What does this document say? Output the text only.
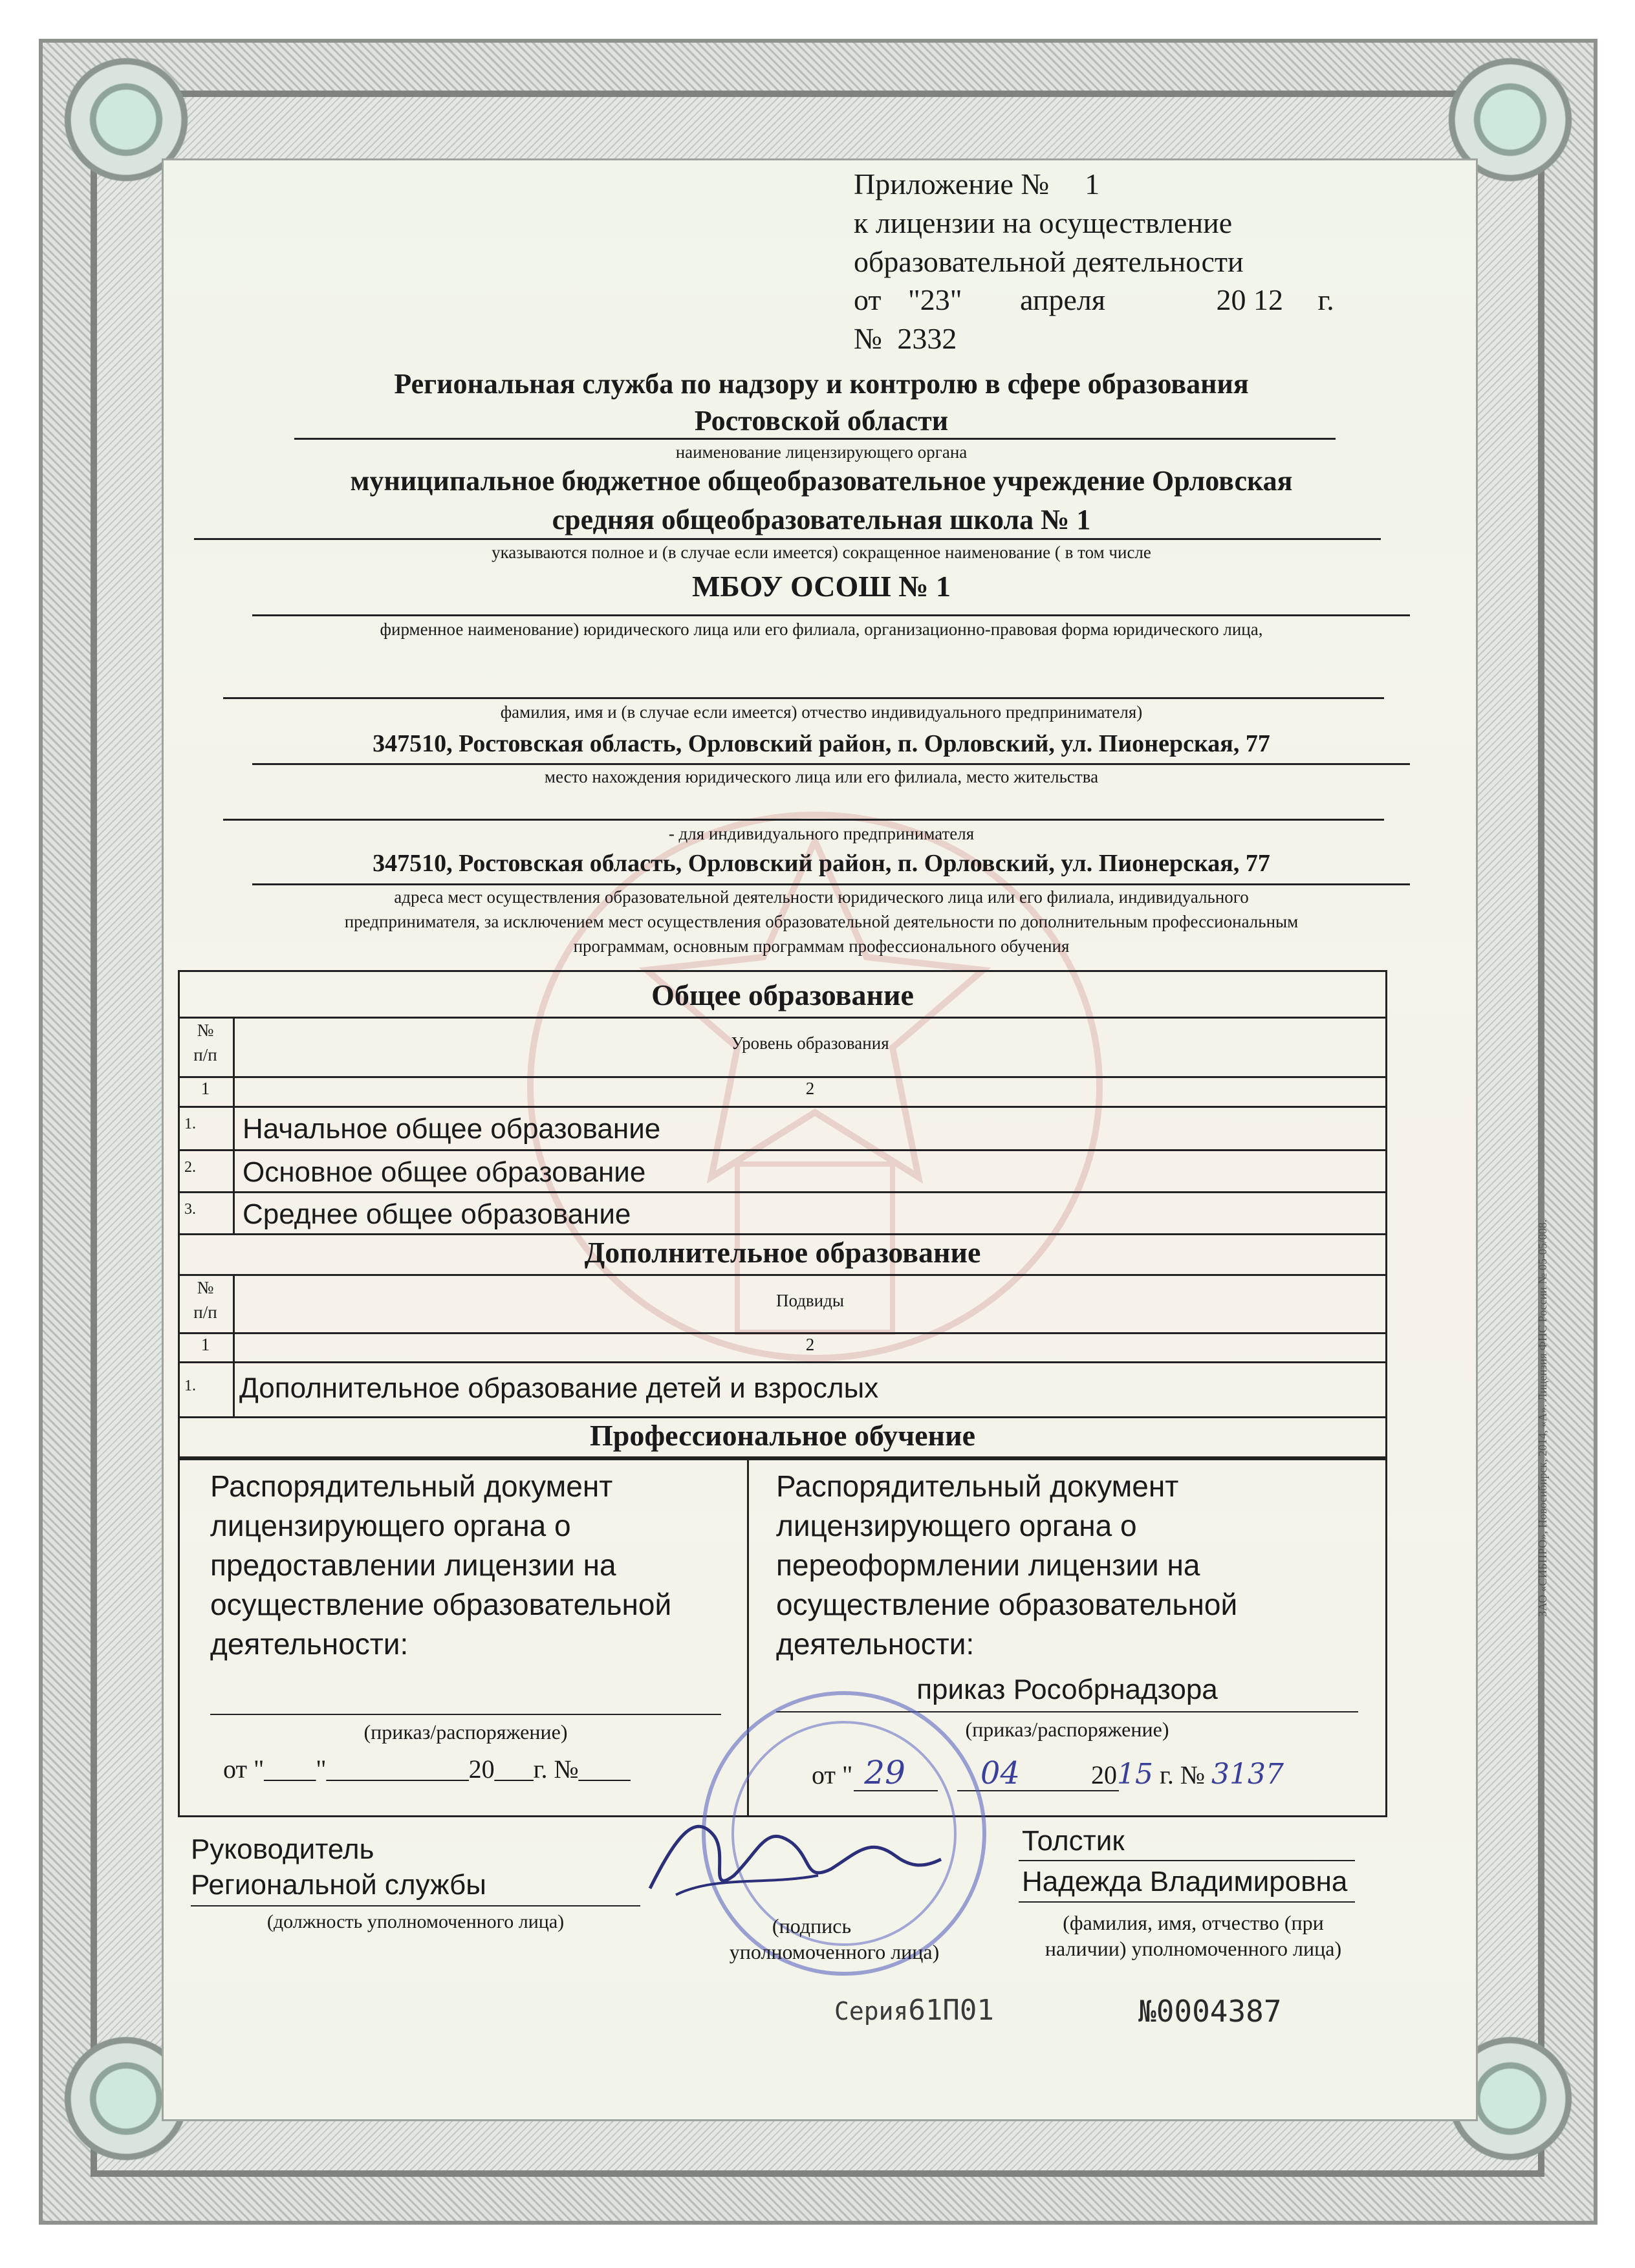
Приложение № 1
к лицензии на осуществление
образовательной деятельности
от "23" апреля	20 12 г.
№ 2332
Региональная служба по надзору и контролю в сфере образования
Ростовской области
наименование лицензирующего органа
муниципальное бюджетное общеобразовательное учреждение Орловская
средняя общеобразовательная школа № 1
указываются полное и (в случае если имеется) сокращенное наименование ( в том числе
МБОУ ОСОШ № 1
фирменное наименование) юридического лица или его филиала, организационно-правовая форма юридического лица,
фамилия, имя и (в случае если имеется) отчество индивидуального предпринимателя)
347510, Ростовская область, Орловский район, п. Орловский, ул. Пионерская, 77
место нахождения юридического лица или его филиала, место жительства
- для индивидуального предпринимателя
347510, Ростовская область, Орловский район, п. Орловский, ул. Пионерская, 77
адреса мест осуществления образовательной деятельности юридического лица или его филиала, индивидуального
предпринимателя, за исключением мест осуществления образовательной деятельности по дополнительным профессиональным
программам, основным программам профессионального обучения
Общее образование
№
п/п
Уровень образования
1	2
1. Начальное общее образование
2. Основное общее образование
3. Среднее общее образование
Дополнительное образование
№
п/п
Подвиды
1	2
1. Дополнительное образование детей и взрослых
Профессиональное обучение
Распорядительный документ
лицензирующего органа о
предоставлении лицензии на
осуществление образовательной
деятельности:
(приказ/распоряжение)
от "____"___________20___г. №____
Распорядительный документ
лицензирующего органа о
переоформлении лицензии на
осуществление образовательной
деятельности:
приказ Рособрнадзора
(приказ/распоряжение)
от " 29 04	2015 г. № 3137
Руководитель
Региональной службы
(должность уполномоченного лица)	(подпись
уполномоченного лица)
Толстик
Надежда Владимировна
(фамилия, имя, отчество (при
наличии) уполномоченного лица)
Серия61П01	№0004387
ЗАО «СИБПРО», Новосибирск, 2014, «А». Лицензия ФНС России № 05-05/008.
